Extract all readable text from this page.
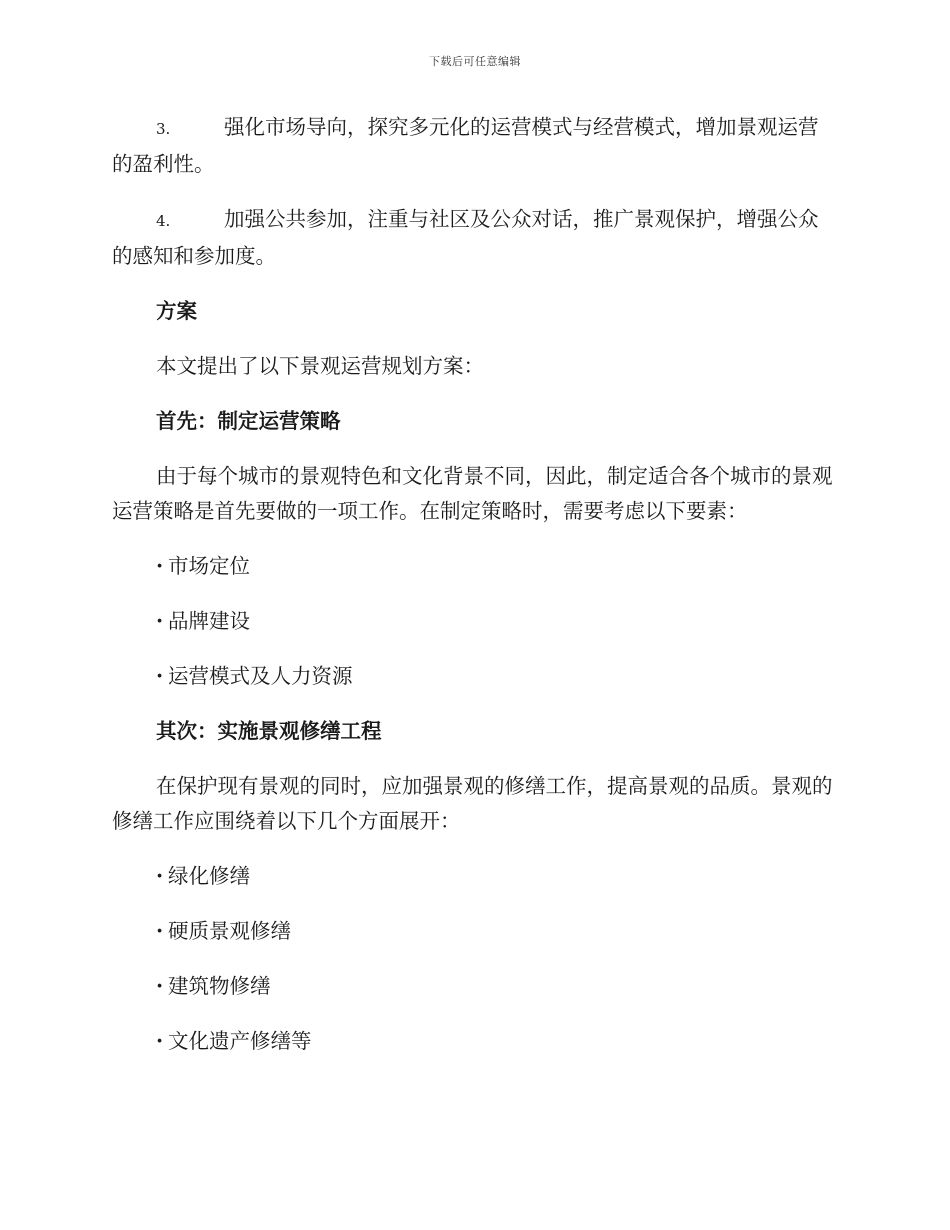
下载后可任意编辑

3.	强化市场导向，探究多元化的运营模式与经营模式，增加景观运营的盈利性。

4.	加强公共参加，注重与社区及公众对话，推广景观保护，增强公众的感知和参加度。

方案

本文提出了以下景观运营规划方案：

首先：制定运营策略

由于每个城市的景观特色和文化背景不同，因此，制定适合各个城市的景观运营策略是首先要做的一项工作。在制定策略时，需要考虑以下要素：

· 市场定位

· 品牌建设

· 运营模式及人力资源

其次：实施景观修缮工程

在保护现有景观的同时，应加强景观的修缮工作，提高景观的品质。景观的修缮工作应围绕着以下几个方面展开：

· 绿化修缮

· 硬质景观修缮

· 建筑物修缮

· 文化遗产修缮等
